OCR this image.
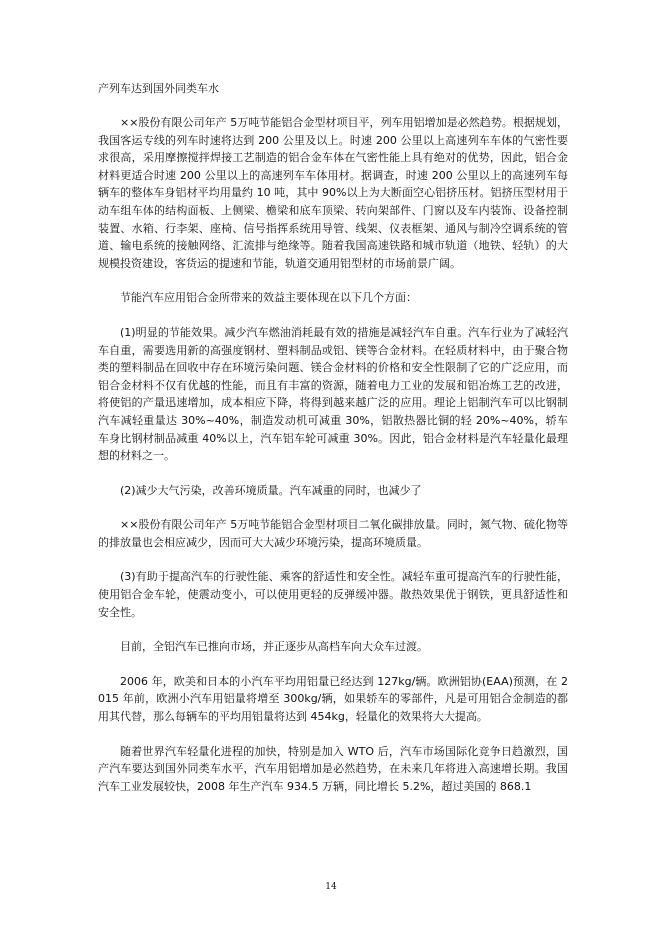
产列车达到国外同类车水

××股份有限公司年产 5万吨节能铝合金型材项目平，列车用铝增加是必然趋势。根据规划，我国客运专线的列车时速将达到 200 公里及以上。时速 200 公里以上高速列车车体的气密性要求很高，采用摩擦搅拌焊接工艺制造的铝合金车体在气密性能上具有绝对的优势，因此，铝合金材料更适合时速 200 公里以上的高速列车车体用材。据调查，时速 200 公里以上的高速列车每辆车的整体车身铝材平均用量约 10 吨，其中 90%以上为大断面空心铝挤压材。铝挤压型材用于动车组车体的结构面板、上侧梁、檐梁和底车顶梁、转向架部件、门窗以及车内装饰、设备控制装置、水箱、行李架、座椅、信号指挥系统用导管、线架、仪表框架、通风与制冷空调系统的管道、输电系统的接触网络、汇流排与绝缘等。随着我国高速铁路和城市轨道（地铁、轻轨）的大规模投资建设，客货运的提速和节能，轨道交通用铝型材的市场前景广阔。

节能汽车应用铝合金所带来的效益主要体现在以下几个方面：

(1)明显的节能效果。减少汽车燃油消耗最有效的措施是减轻汽车自重。汽车行业为了减轻汽车自重，需要选用新的高强度钢材、塑料制品或铝、镁等合金材料。在轻质材料中，由于聚合物类的塑料制品在回收中存在环境污染问题、镁合金材料的价格和安全性限制了它的广泛应用，而铝合金材料不仅有优越的性能，而且有丰富的资源，随着电力工业的发展和铝冶炼工艺的改进，将使铝的产量迅速增加，成本相应下降，将得到越来越广泛的应用。理论上铝制汽车可以比钢制汽车减轻重量达 30%~40%，制造发动机可减重 30%，铝散热器比铜的轻 20%~40%，轿车车身比钢材制品减重 40%以上，汽车铝车轮可减重 30%。因此，铝合金材料是汽车轻量化最理想的材料之一。

(2)减少大气污染，改善环境质量。汽车减重的同时，也减少了

××股份有限公司年产 5万吨节能铝合金型材项目二氧化碳排放量。同时，氮气物、硫化物等的排放量也会相应减少，因而可大大减少环境污染，提高环境质量。

(3)有助于提高汽车的行驶性能、乘客的舒适性和安全性。减轻车重可提高汽车的行驶性能，使用铝合金车轮，使震动变小，可以使用更轻的反弹缓冲器。散热效果优于钢铁，更具舒适性和安全性。

目前，全铝汽车已推向市场，并正逐步从高档车向大众车过渡。

2006 年，欧美和日本的小汽车平均用铝量已经达到 127kg/辆。欧洲铝协(EAA)预测，在 2015 年前，欧洲小汽车用铝量将增至 300kg/辆，如果轿车的零部件，凡是可用铝合金制造的都用其代替，那么每辆车的平均用铝量将达到 454kg，轻量化的效果将大大提高。

随着世界汽车轻量化进程的加快，特别是加入 WTO 后，汽车市场国际化竞争日趋激烈，国产汽车要达到国外同类车水平，汽车用铝增加是必然趋势，在未来几年将进入高速增长期。我国汽车工业发展较快，2008 年生产汽车 934.5 万辆，同比增长 5.2%，超过美国的 868.1

14
